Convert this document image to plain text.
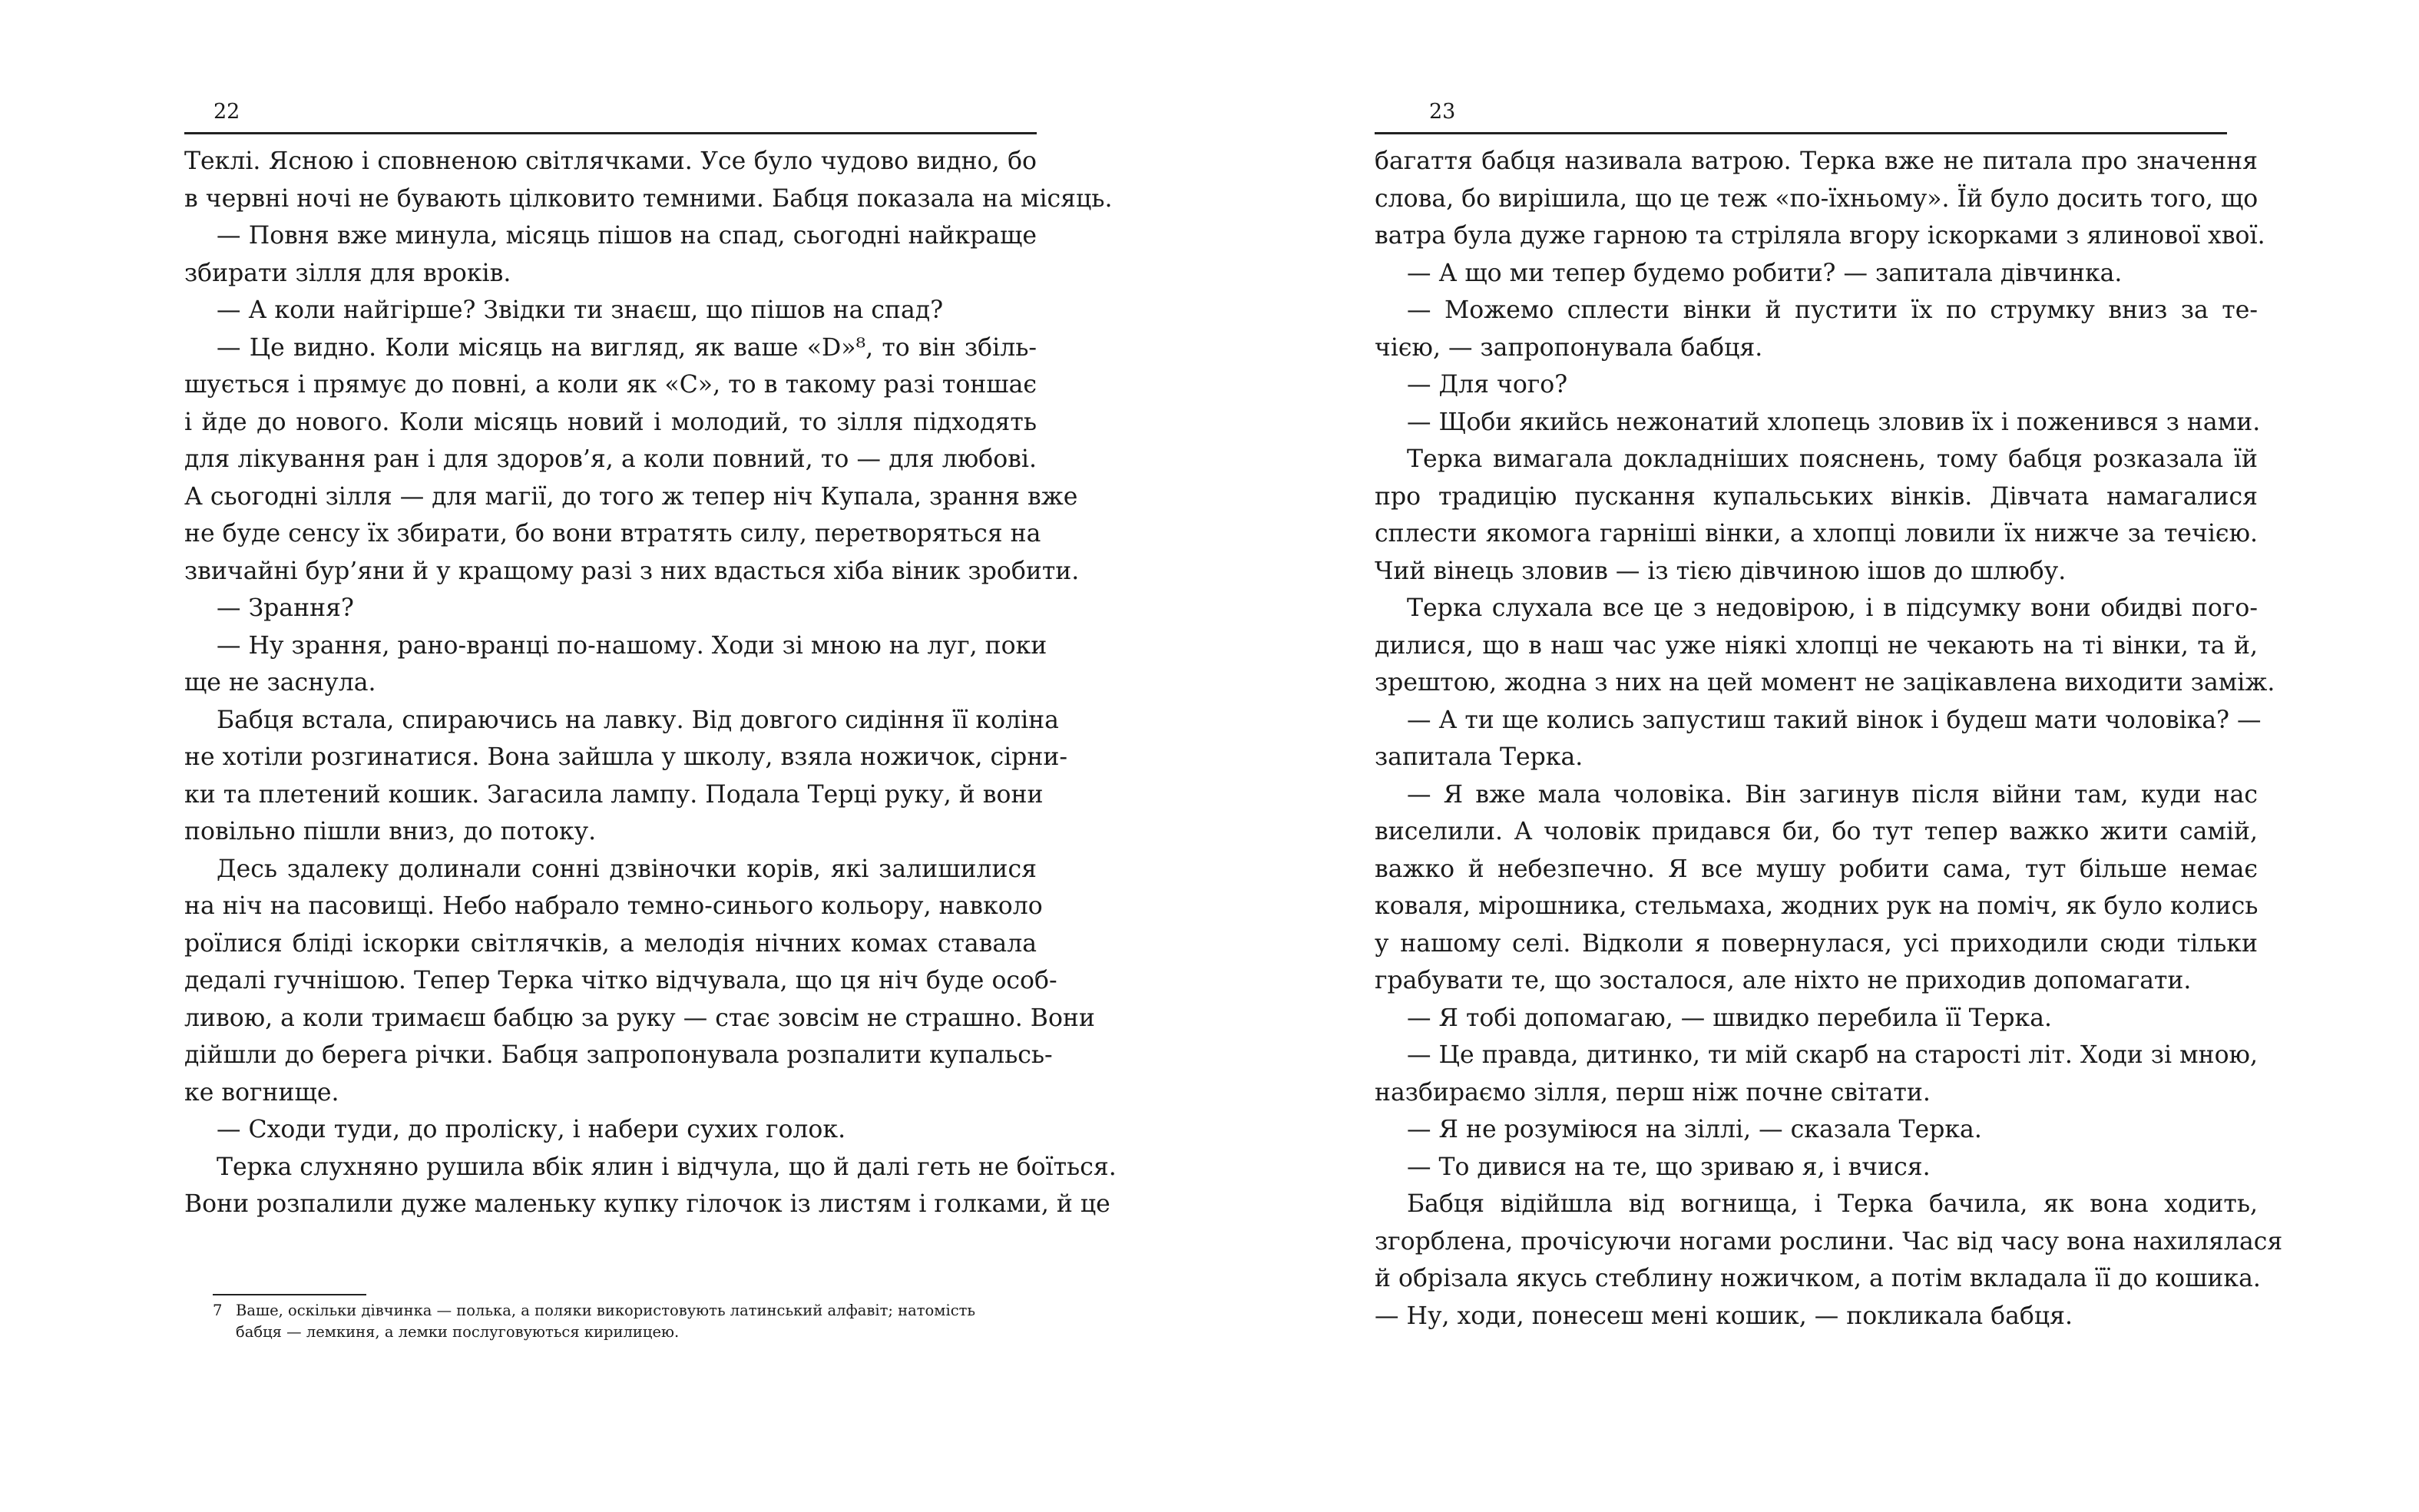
22
Теклі. Ясною і сповненою світлячками. Усе було чудово видно, бо
в червні ночі не бувають цілковито темними. Бабця показала на місяць.
— Повня вже минула, місяць пішов на спад, сьогодні найкраще
збирати зілля для вроків.
— А коли найгірше? Звідки ти знаєш, що пішов на спад?
— Це видно. Коли місяць на вигляд, як ваше «D»⁸, то він збіль-
шується і прямує до повні, а коли як «С», то в такому разі тоншає
і йде до нового. Коли місяць новий і молодий, то зілля підходять
для лікування ран і для здоров’я, а коли повний, то — для любові.
А сьогодні зілля — для магії, до того ж тепер ніч Купала, зрання вже
не буде сенсу їх збирати, бо вони втратять силу, перетворяться на
звичайні бур’яни й у кращому разі з них вдасться хіба віник зробити.
— Зрання?
— Ну зрання, рано-вранці по-нашому. Ходи зі мною на луг, поки
ще не заснула.
Бабця встала, спираючись на лавку. Від довгого сидіння її коліна
не хотіли розгинатися. Вона зайшла у школу, взяла ножичок, сірни-
ки та плетений кошик. Загасила лампу. Подала Терці руку, й вони
повільно пішли вниз, до потоку.
Десь здалеку долинали сонні дзвіночки корів, які залишилися
на ніч на пасовищі. Небо набрало темно-синього кольору, навколо
роїлися бліді іскорки світлячків, а мелодія нічних комах ставала
дедалі гучнішою. Тепер Терка чітко відчувала, що ця ніч буде особ-
ливою, а коли тримаєш бабцю за руку — стає зовсім не страшно. Вони
дійшли до берега річки. Бабця запропонувала розпалити купальсь-
ке вогнище.
— Сходи туди, до проліску, і набери сухих голок.
Терка слухняно рушила вбік ялин і відчула, що й далі геть не боїться.
Вони розпалили дуже маленьку купку гілочок із листям і голками, й це
7 Ваше, оскільки дівчинка — полька, а поляки використовують латинський алфавіт; натомість
бабця — лемкиня, а лемки послуговуються кирилицею.
23
багаття бабця називала ватрою. Терка вже не питала про значення
слова, бо вирішила, що це теж «по-їхньому». Їй було досить того, що
ватра була дуже гарною та стріляла вгору іскорками з ялинової хвої.
— А що ми тепер будемо робити? — запитала дівчинка.
— Можемо сплести вінки й пустити їх по струмку вниз за те-
чією, — запропонувала бабця.
— Для чого?
— Щоби якийсь нежонатий хлопець зловив їх і поженився з нами.
Терка вимагала докладніших пояснень, тому бабця розказала їй
про традицію пускання купальських вінків. Дівчата намагалися
сплести якомога гарніші вінки, а хлопці ловили їх нижче за течією.
Чий вінець зловив — із тією дівчиною ішов до шлюбу.
Терка слухала все це з недовірою, і в підсумку вони обидві пого-
дилися, що в наш час уже ніякі хлопці не чекають на ті вінки, та й,
зрештою, жодна з них на цей момент не зацікавлена виходити заміж.
— А ти ще колись запустиш такий вінок і будеш мати чоловіка? —
запитала Терка.
— Я вже мала чоловіка. Він загинув після війни там, куди нас
виселили. А чоловік придався би, бо тут тепер важко жити самій,
важко й небезпечно. Я все мушу робити сама, тут більше немає
коваля, мірошника, стельмаха, жодних рук на поміч, як було колись
у нашому селі. Відколи я повернулася, усі приходили сюди тільки
грабувати те, що зосталося, але ніхто не приходив допомагати.
— Я тобі допомагаю, — швидко перебила її Терка.
— Це правда, дитинко, ти мій скарб на старості літ. Ходи зі мною,
назбираємо зілля, перш ніж почне світати.
— Я не розуміюся на зіллі, — сказала Терка.
— То дивися на те, що зриваю я, і вчися.
Бабця відійшла від вогнища, і Терка бачила, як вона ходить,
згорблена, прочісуючи ногами рослини. Час від часу вона нахилялася
й обрізала якусь стеблину ножичком, а потім вкладала її до кошика.
— Ну, ходи, понесеш мені кошик, — покликала бабця.
